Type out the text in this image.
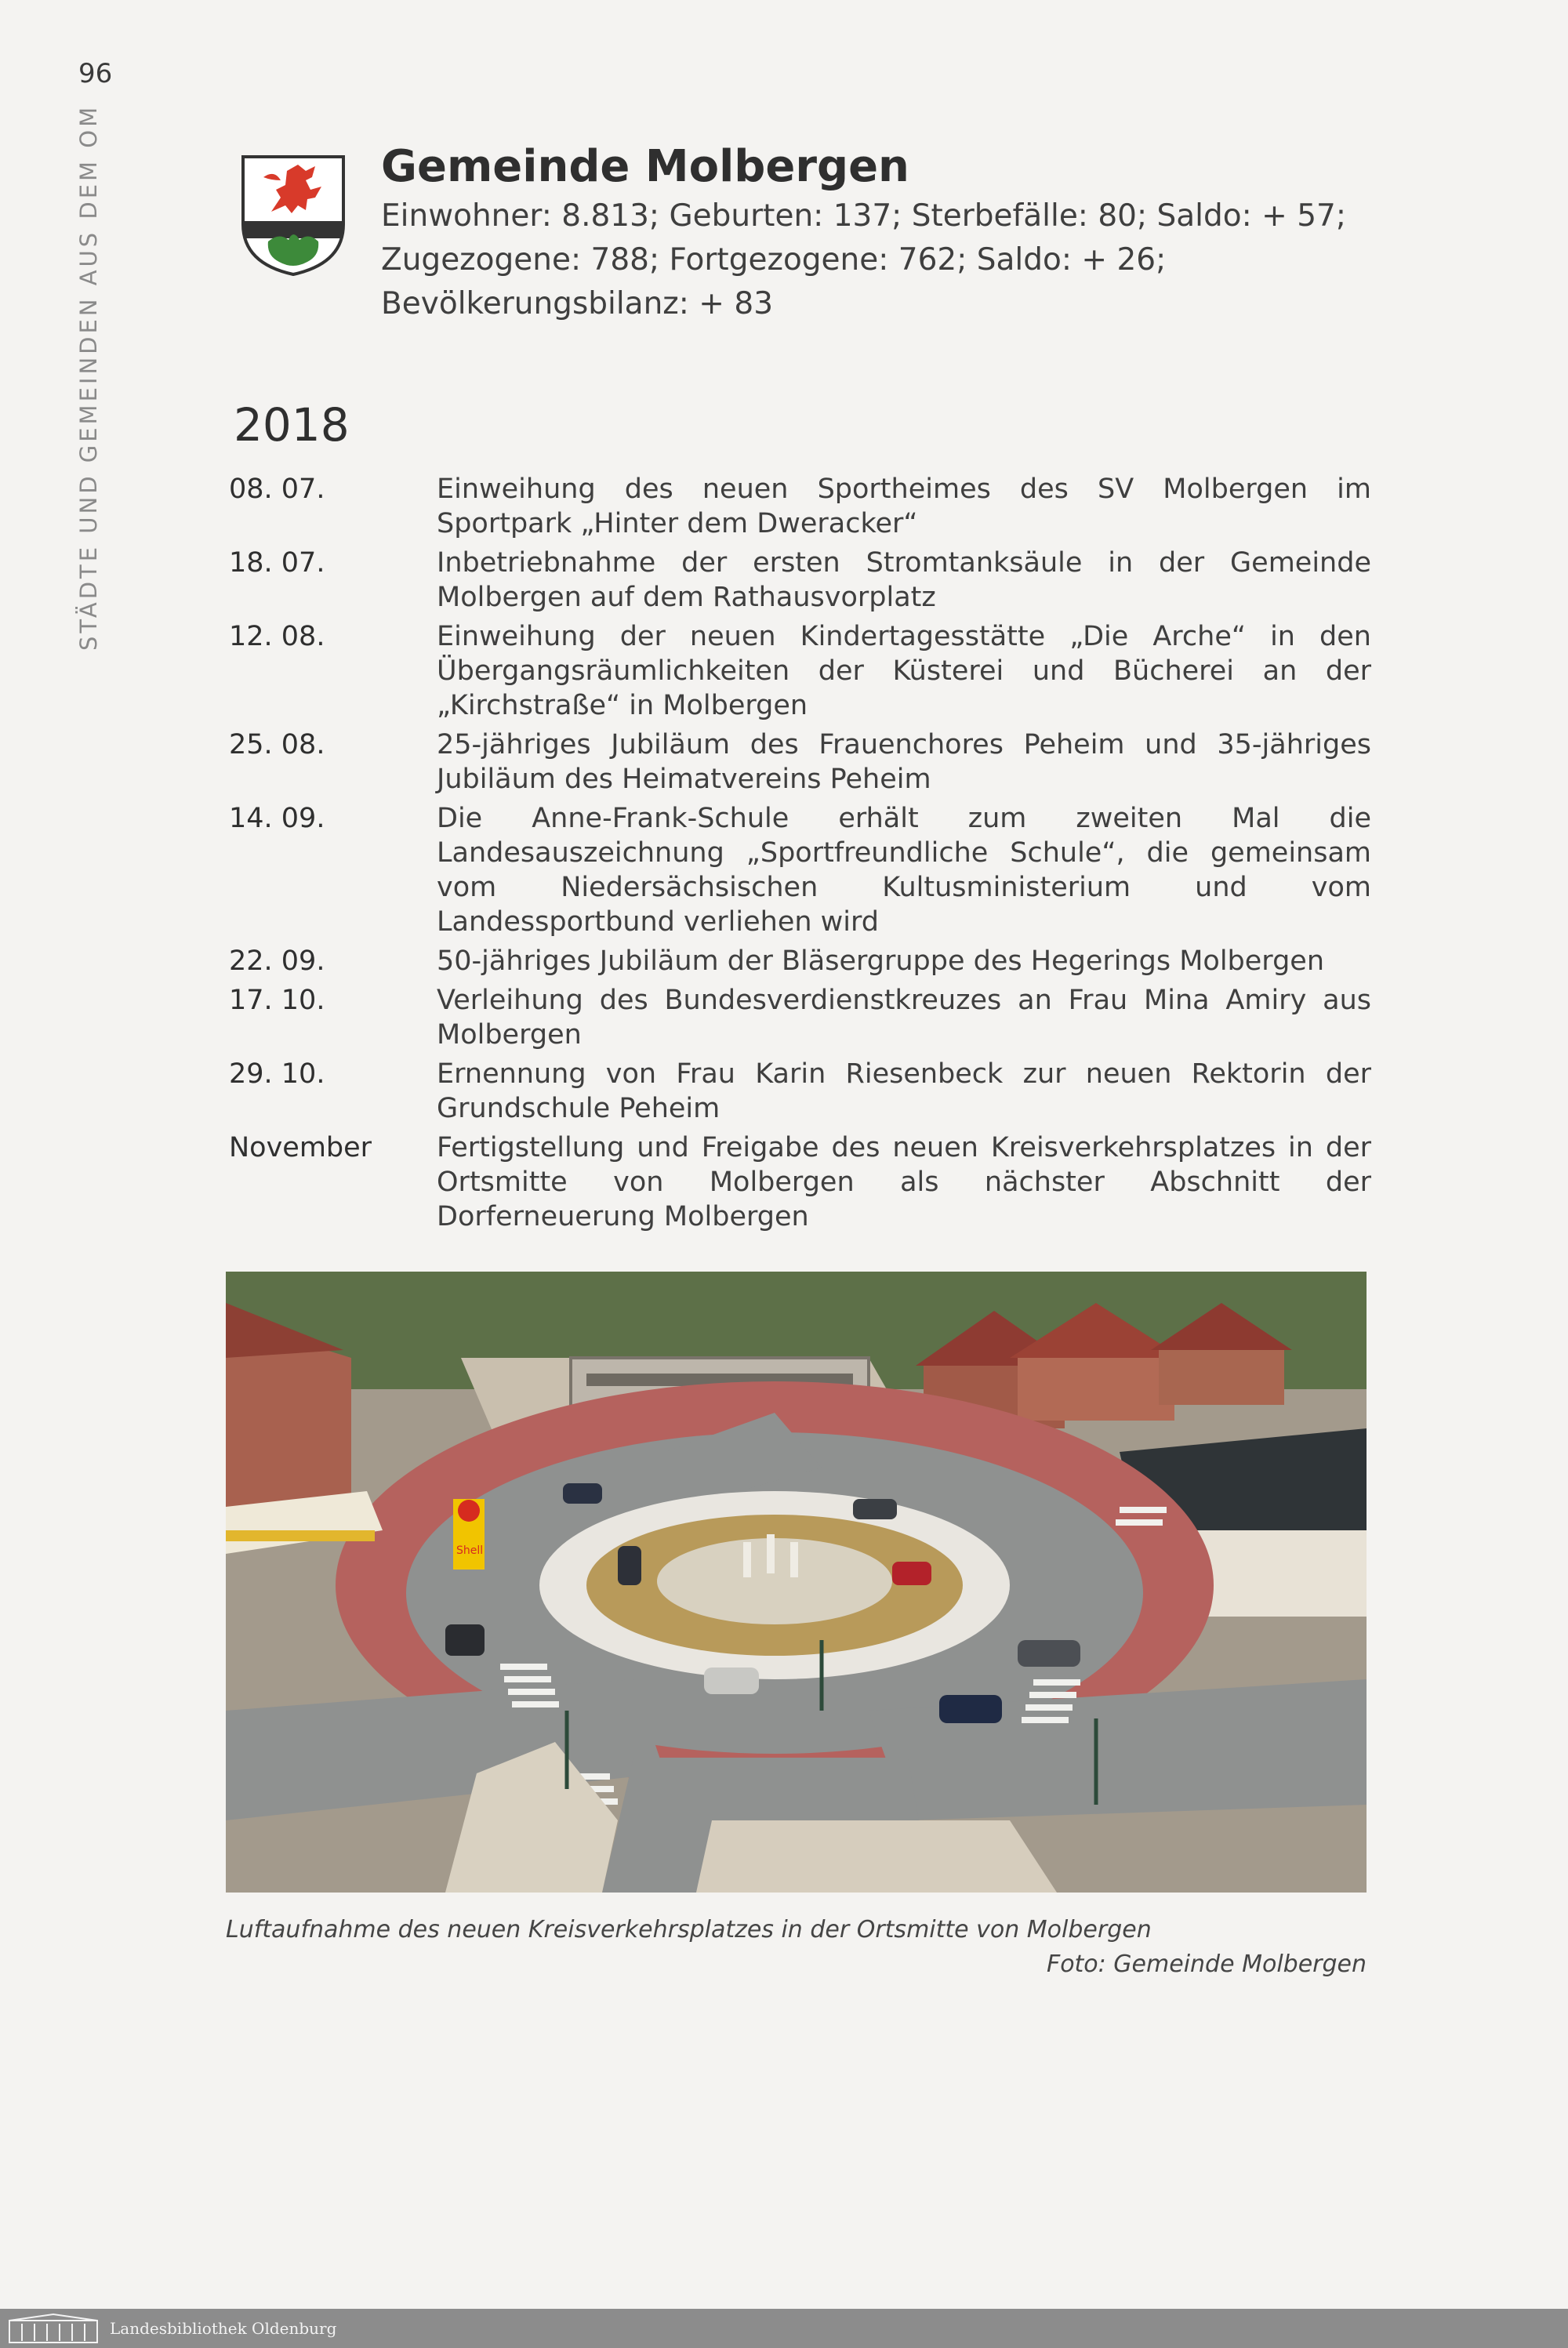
96
STÄDTE UND GEMEINDEN AUS DEM OM	Gemeinde Molbergen
Einwohner: 8.813; Geburten: 137; Sterbefälle: 80; Saldo: + 57;
Zugezogene: 788; Fortgezogene: 762; Saldo: + 26;
Bevölkerungsbilanz: + 83
2018
08. 07.	Einweihung des neuen Sportheimes des SV Molbergen im Sportpark „Hinter dem Dweracker“
18. 07.	Inbetriebnahme der ersten Stromtanksäule in der Gemeinde Molbergen auf dem Rathausvorplatz
12. 08.	Einweihung der neuen Kindertagesstätte „Die Arche“ in den Übergangsräumlichkeiten der Küsterei und Bücherei an der „Kirchstraße“ in Molbergen
25. 08.	25-jähriges Jubiläum des Frauenchores Peheim und 35-jähriges Jubiläum des Heimatvereins Peheim
14. 09.	Die Anne-Frank-Schule erhält zum zweiten Mal die Landesauszeichnung „Sportfreundliche Schule“, die gemeinsam vom Niedersächsischen Kultusministerium und vom Landessportbund verliehen wird
22. 09.	50-jähriges Jubiläum der Bläsergruppe des Hegerings Molbergen
17. 10.	Verleihung des Bundesverdienstkreuzes an Frau Mina Amiry aus Molbergen
29. 10.	Ernennung von Frau Karin Riesenbeck zur neuen Rektorin der Grundschule Peheim
November	Fertigstellung und Freigabe des neuen Kreisverkehrsplatzes in der Ortsmitte von Molbergen als nächster Abschnitt der Dorferneuerung Molbergen
Shell
Luftaufnahme des neuen Kreisverkehrsplatzes in der Ortsmitte von Molbergen
Foto: Gemeinde Molbergen
Landesbibliothek Oldenburg
